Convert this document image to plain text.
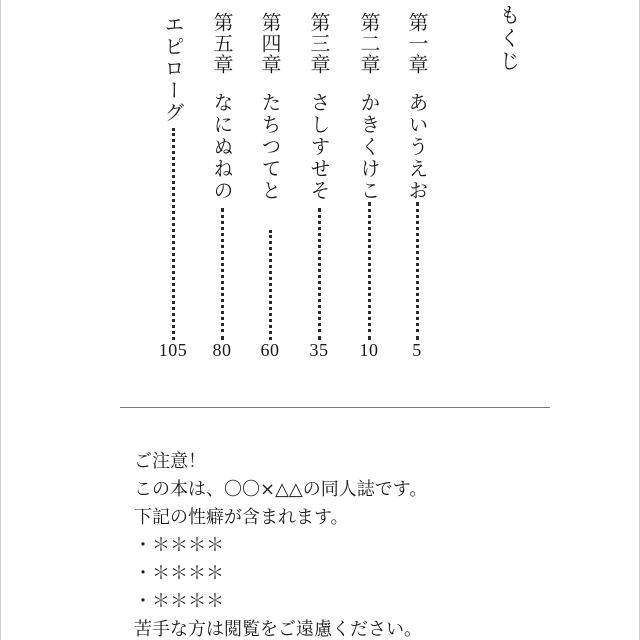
もくじ
第一章
あいうえお
5
第二章
かきくけこ
10
第三章
さしすせそ
35
第四章
たちつてと
60
第五章
なにぬねの
80
エピローグ
105
ご注意！
この本は、〇〇×△△の同人誌です。
下記の性癖が含まれます。
・＊＊＊＊
・＊＊＊＊
・＊＊＊＊
苦手な方は閲覧をご遠慮ください。
